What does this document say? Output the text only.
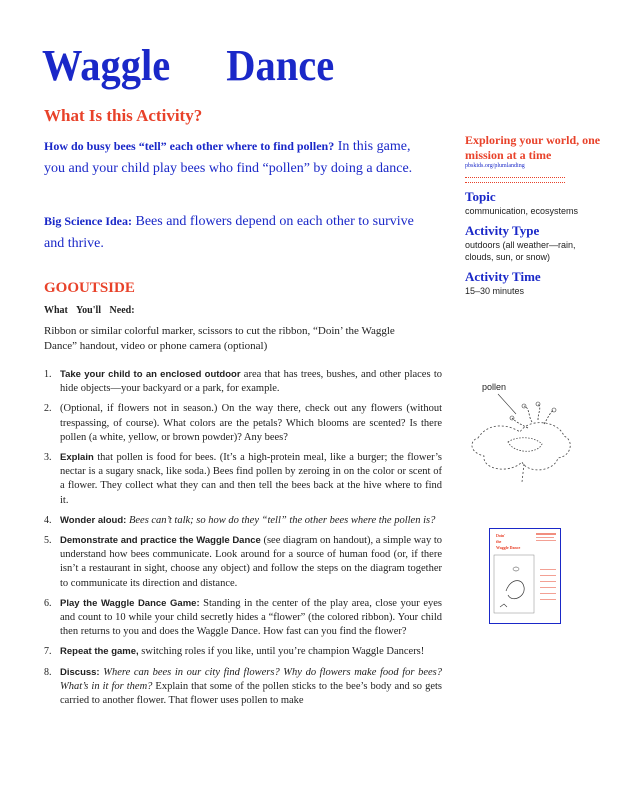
Waggle Dance
What Is this Activity?
How do busy bees “tell” each other where to find pollen? In this game, you and your child play bees who find “pollen” by doing a dance.
Big Science Idea: Bees and flowers depend on each other to survive and thrive.
GOOUTSIDE
What You'll Need:
Ribbon or similar colorful marker, scissors to cut the ribbon, “Doin’ the Waggle Dance” handout, video or phone camera (optional)
1. Take your child to an enclosed outdoor area that has trees, bushes, and other places to hide objects—your backyard or a park, for example.
2. (Optional, if flowers not in season.) On the way there, check out any flowers (without trespassing, of course). What colors are the petals? Which blooms are scented? Is there pollen (a white, yellow, or brown powder)? Any bees?
3. Explain that pollen is food for bees. (It’s a high-protein meal, like a burger; the flower’s nectar is a sugary snack, like soda.) Bees find pollen by zeroing in on the color or scent of a flower. They collect what they can and then tell the bees back at the hive where to find it.
4. Wonder aloud: Bees can’t talk; so how do they “tell” the other bees where the pollen is?
5. Demonstrate and practice the Waggle Dance (see diagram on handout), a simple way to understand how bees communicate. Look around for a source of human food (or, if there isn’t a restaurant in sight, choose any object) and follow the steps on the diagram together to communicate its direction and distance.
6. Play the Waggle Dance Game: Standing in the center of the play area, close your eyes and count to 10 while your child secretly hides a “flower” (the colored ribbon). Your child then returns to you and does the Waggle Dance. How fast can you find the flower?
7. Repeat the game, switching roles if you like, until you’re champion Waggle Dancers!
8. Discuss: Where can bees in our city find flowers? Why do flowers make food for bees? What’s in it for them? Explain that some of the pollen sticks to the bee’s body and so gets carried to another flower. That flower uses pollen to make
Exploring your world, one mission at a time
pbskids.org/plumlanding
Topic
communication, ecosystems
Activity Type
outdoors (all weather—rain, clouds, sun, or snow)
Activity Time
15–30 minutes
pollen
Doin'
the
Waggle Dance
